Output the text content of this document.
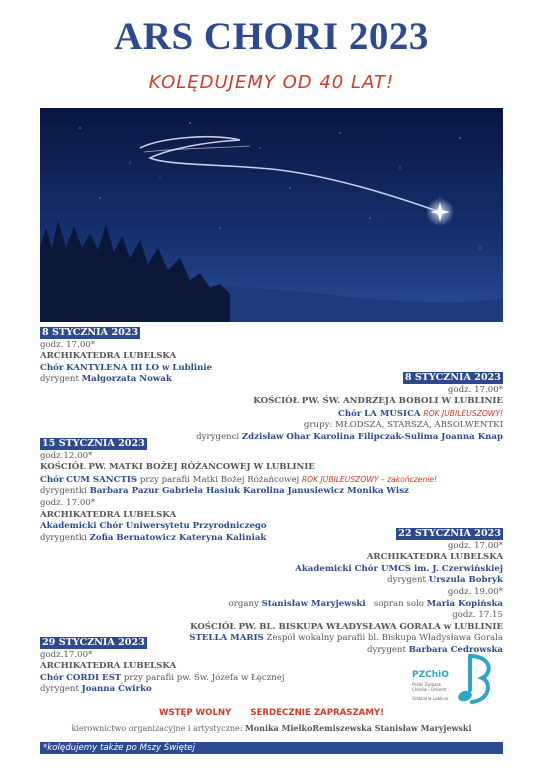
ARS CHORI 2023
KOLĘDUJEMY OD 40 LAT!
8 STYCZNIA 2023
godz. 17.00*
ARCHIKATEDRA LUBELSKA
Chór KANTYLENA III LO w Lublinie
dyrygent Małgorzata Nowak	8 STYCZNIA 2023
godz. 17.00*
KOŚCIÓŁ PW. ŚW. ANDRZEJA BOBOLI W LUBLINIE
Chór LA MUSICA ROK JUBILEUSZOWY!
grupy: MŁODSZA, STARSZA, ABSOLWENTKI
dyrygenci Zdzisław Ohar Karolina Filipczak-Sulima Joanna Knap
15 STYCZNIA 2023
godz.12.00*
KOŚCIÓŁ PW. MATKI BOŻEJ RÓŻAŃCOWEJ W LUBLINIE
Chór CUM SANCTIS przy parafii Matki Bożej Różańcowej ROK JUBILEUSZOWY – zakończenie!
dyrygentki Barbara Pazur Gabriela Hasiuk Karolina Janusiewicz Monika Wisz
godz. 17.00*
ARCHIKATEDRA LUBELSKA
Akademicki Chór Uniwersytetu Przyrodniczego
dyrygentki Zofia Bernatowicz Kateryna Kaliniak	22 STYCZNIA 2023
godz. 17.00*
ARCHIKATEDRA LUBELSKA
Akademicki Chór UMCS im. J. Czerwińskiej
dyrygent Urszula Bobryk
godz. 19.00*
organy Stanisław Maryjewski sopran solo Maria Kopińska
godz. 17.15
KOŚCIÓŁ PW. BL. BISKUPA WŁADYSŁAWA GORALA w LUBLINIE
STELLA MARIS Zespół wokalny parafii bl. Biskupa Władysława Gorala
dyrygent Barbara Cedrowska
29 STYCZNIA 2023
godz.17.00*
ARCHIKATEDRA LUBELSKA
Chór CORDI EST przy parafii pw. Św. Józefa w Łęcznej
dyrygent Joanna Ćwirko
PZChiO
Polski Związek
Chórów i Orkiestr
Oddział w Lublinie
WSTĘP WOLNY SERDECZNIE ZAPRASZAMY!
kierownictwo organizacyjne i artystyczne: Monika MielkoRemiszewska Stanisław Maryjewski
*kolędujemy także po Mszy Świętej
